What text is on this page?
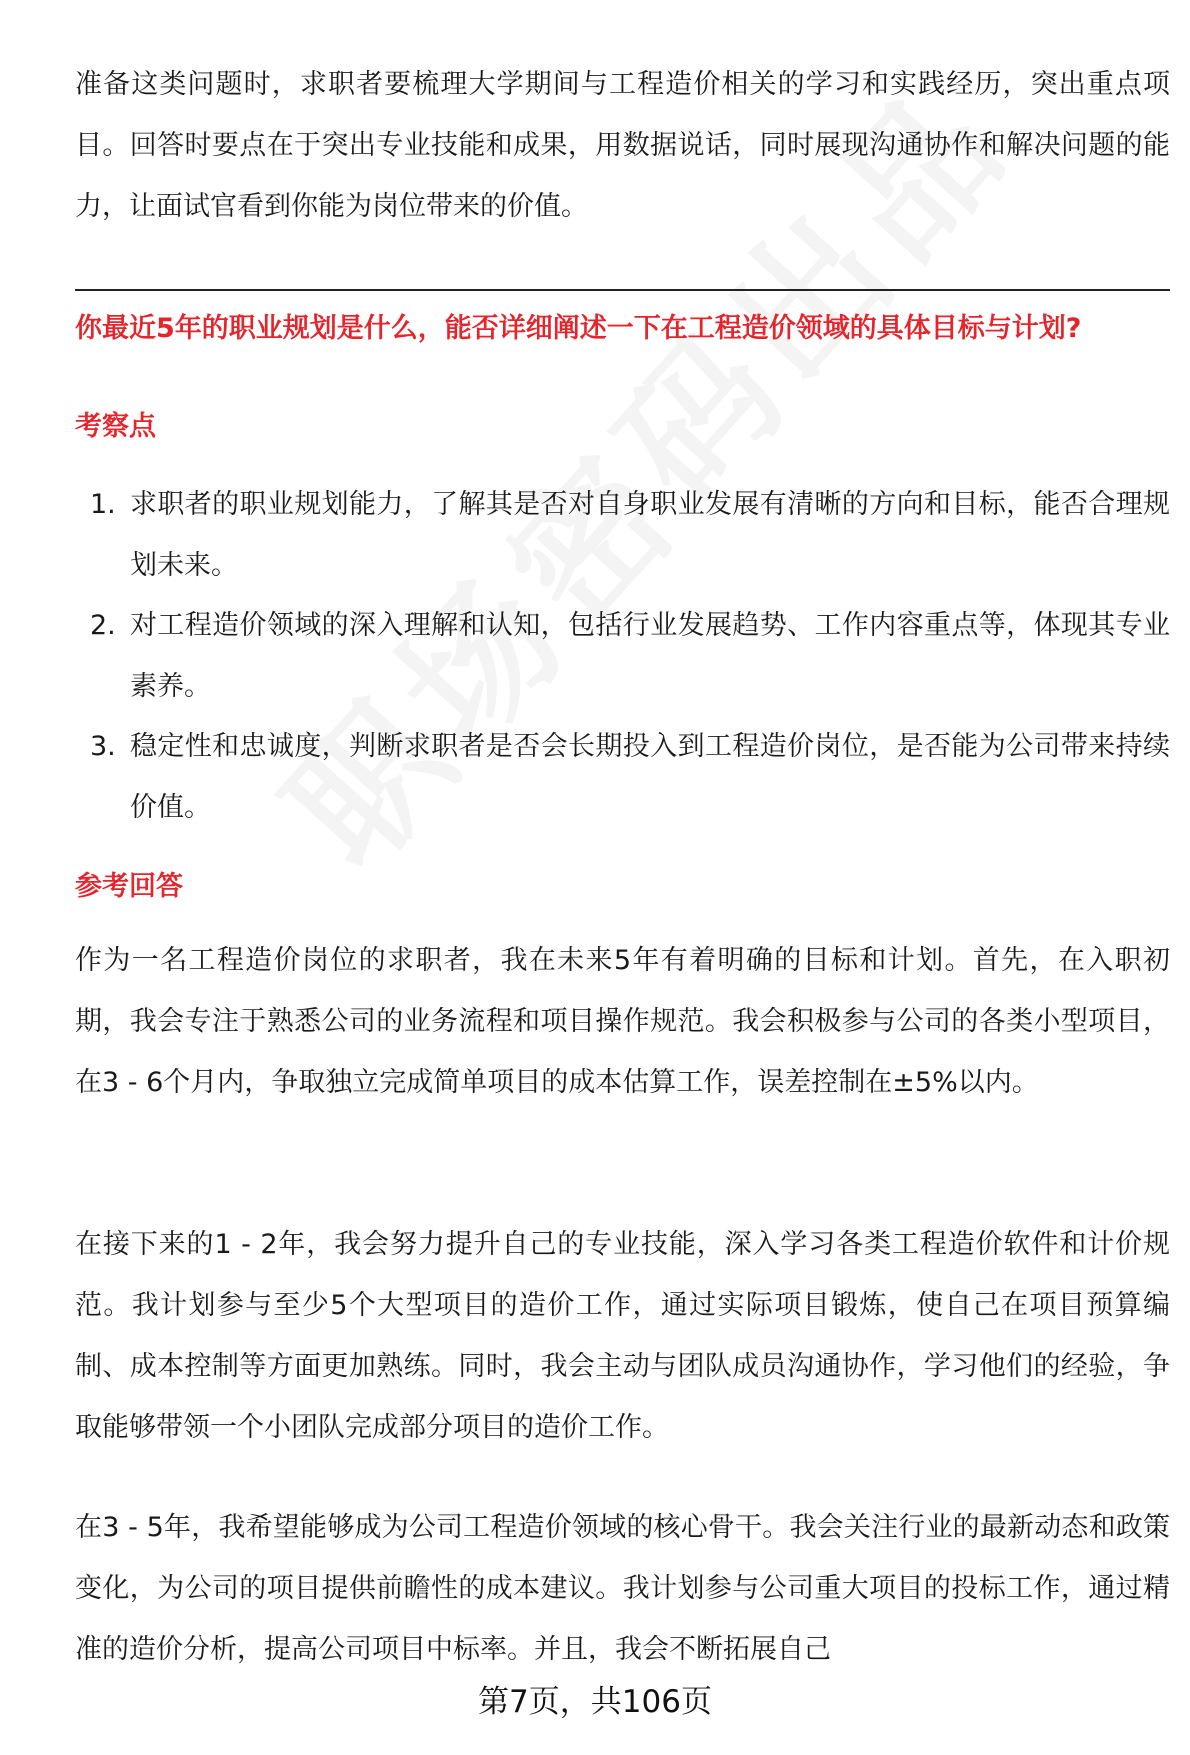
准备这类问题时，求职者要梳理大学期间与工程造价相关的学习和实践经历，突出重点项目。回答时要点在于突出专业技能和成果，用数据说话，同时展现沟通协作和解决问题的能力，让面试官看到你能为岗位带来的价值。

你最近5年的职业规划是什么，能否详细阐述一下在工程造价领域的具体目标与计划?
考察点
1. 求职者的职业规划能力，了解其是否对自身职业发展有清晰的方向和目标，能否合理规划未来。
2. 对工程造价领域的深入理解和认知，包括行业发展趋势、工作内容重点等，体现其专业素养。
3. 稳定性和忠诚度，判断求职者是否会长期投入到工程造价岗位，是否能为公司带来持续价值。
参考回答

作为一名工程造价岗位的求职者，我在未来5年有着明确的目标和计划。首先，在入职初期，我会专注于熟悉公司的业务流程和项目操作规范。我会积极参与公司的各类小型项目，在3 - 6个月内，争取独立完成简单项目的成本估算工作，误差控制在±5%以内。

在接下来的1 - 2年，我会努力提升自己的专业技能，深入学习各类工程造价软件和计价规范。我计划参与至少5个大型项目的造价工作，通过实际项目锻炼，使自己在项目预算编制、成本控制等方面更加熟练。同时，我会主动与团队成员沟通协作，学习他们的经验，争取能够带领一个小团队完成部分项目的造价工作。

在3 - 5年，我希望能够成为公司工程造价领域的核心骨干。我会关注行业的最新动态和政策变化，为公司的项目提供前瞻性的成本建议。我计划参与公司重大项目的投标工作，通过精准的造价分析，提高公司项目中标率。并且，我会不断拓展自己

第7页，共106页
